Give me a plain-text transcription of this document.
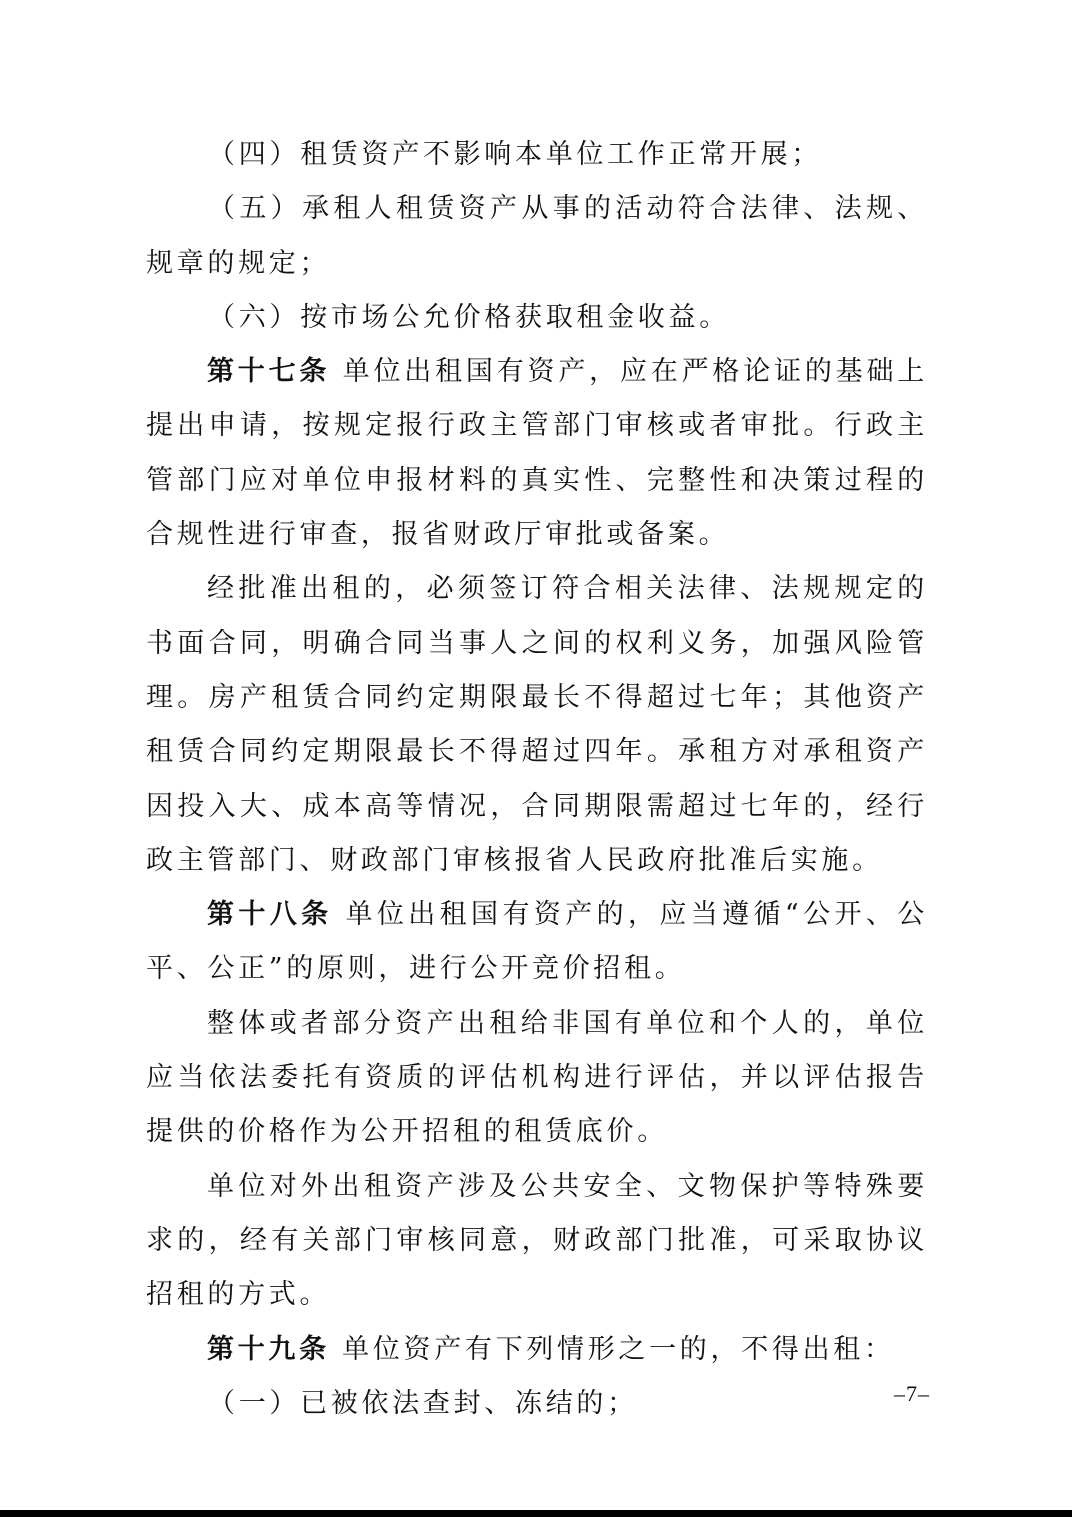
（四）租赁资产不影响本单位工作正常开展；

（五）承租人租赁资产从事的活动符合法律、法规、规章的规定；

（六）按市场公允价格获取租金收益。

第十七条 单位出租国有资产，应在严格论证的基础上提出申请，按规定报行政主管部门审核或者审批。行政主管部门应对单位申报材料的真实性、完整性和决策过程的合规性进行审查，报省财政厅审批或备案。

经批准出租的，必须签订符合相关法律、法规规定的书面合同，明确合同当事人之间的权利义务，加强风险管理。房产租赁合同约定期限最长不得超过七年；其他资产租赁合同约定期限最长不得超过四年。承租方对承租资产因投入大、成本高等情况，合同期限需超过七年的，经行政主管部门、财政部门审核报省人民政府批准后实施。

第十八条 单位出租国有资产的，应当遵循“公开、公平、公正”的原则，进行公开竞价招租。

整体或者部分资产出租给非国有单位和个人的，单位应当依法委托有资质的评估机构进行评估，并以评估报告提供的价格作为公开招租的租赁底价。

单位对外出租资产涉及公共安全、文物保护等特殊要求的，经有关部门审核同意，财政部门批准，可采取协议招租的方式。

第十九条 单位资产有下列情形之一的，不得出租：

（一）已被依法查封、冻结的；	–7–
